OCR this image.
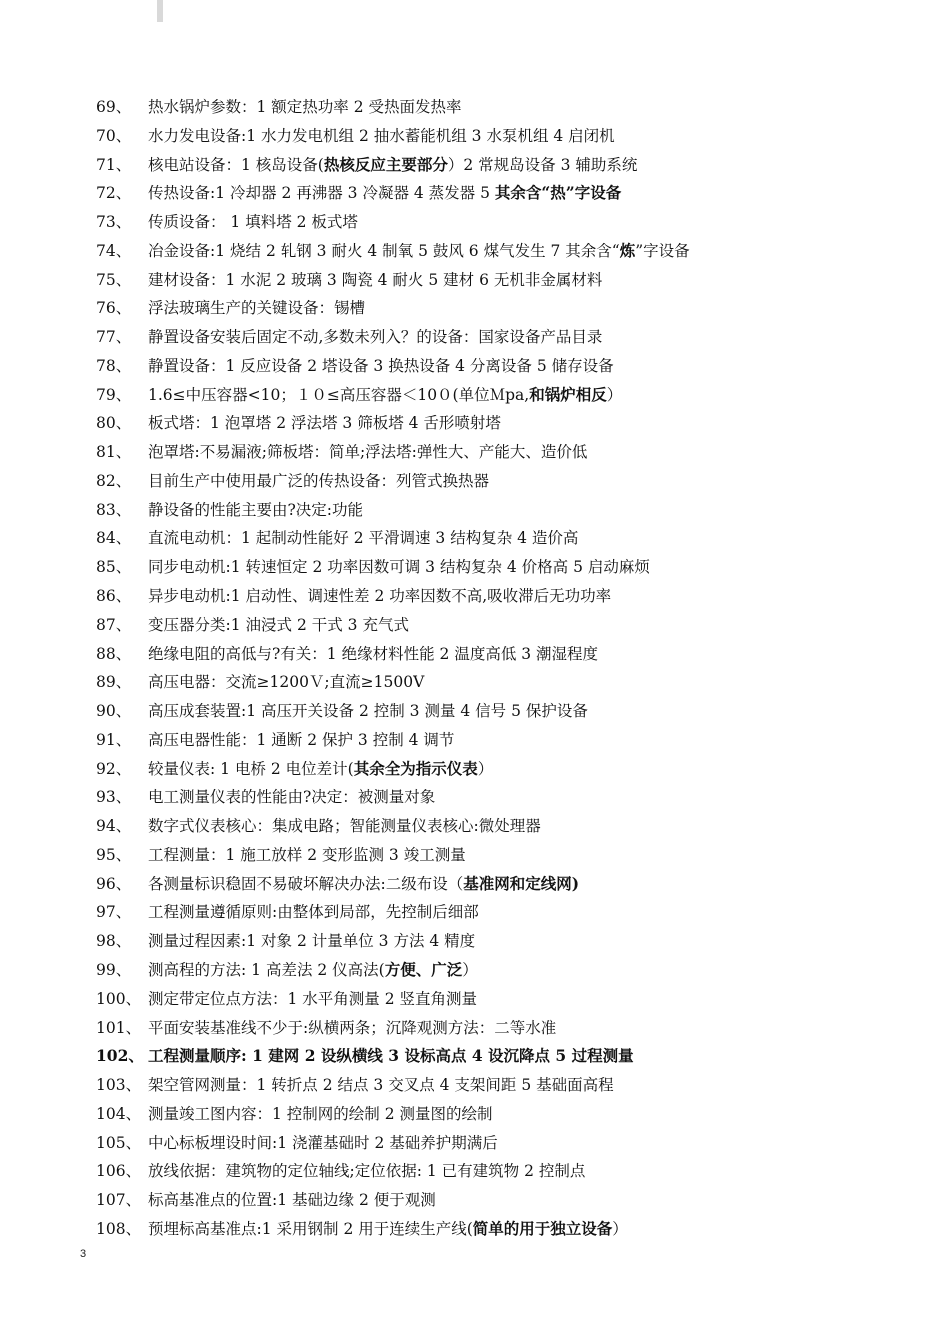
69、	热水锅炉参数：1 额定热功率 2 受热面发热率
70、	水力发电设备:1 水力发电机组 2 抽水蓄能机组 3 水泵机组 4 启闭机
71、	核电站设备：1 核岛设备(热核反应主要部分）2 常规岛设备 3 辅助系统
72、	传热设备:1 冷却器 2 再沸器 3 冷凝器 4 蒸发器 5 其余含“热”字设备
73、	传质设备： 1 填料塔 2 板式塔
74、	冶金设备:1 烧结 2 轧钢 3 耐火 4 制氧 5 鼓风 6 煤气发生 7 其余含“炼”字设备
75、	建材设备：1 水泥 2 玻璃 3 陶瓷 4 耐火 5 建材 6 无机非金属材料
76、	浮法玻璃生产的关键设备：锡槽
77、	静置设备安装后固定不动,多数未列入？的设备：国家设备产品目录
78、	静置设备：1 反应设备 2 塔设备 3 换热设备 4 分离设备 5 储存设备
79、	1.6≤中压容器<10；１０≤高压容器＜10０(单位Ｍpa,和锅炉相反）
80、	板式塔：1 泡罩塔 2 浮法塔 3 筛板塔 4 舌形喷射塔
81、	泡罩塔:不易漏液;筛板塔：简单;浮法塔:弹性大、产能大、造价低
82、	目前生产中使用最广泛的传热设备：列管式换热器
83、	静设备的性能主要由?决定:功能
84、	直流电动机：1 起制动性能好 2 平滑调速 3 结构复杂 4 造价高
85、	同步电动机:1 转速恒定 2 功率因数可调 3 结构复杂 4 价格高 5 启动麻烦
86、	异步电动机:1 启动性、调速性差 2 功率因数不高,吸收滞后无功功率
87、	变压器分类:1 油浸式 2 干式 3 充气式
88、	绝缘电阻的高低与?有关：1 绝缘材料性能 2 温度高低 3 潮湿程度
89、	高压电器：交流≥1200Ｖ;直流≥1500V
90、	高压成套装置:1 高压开关设备 2 控制 3 测量 4 信号 5 保护设备
91、	高压电器性能：1 通断 2 保护 3 控制 4 调节
92、	较量仪表: 1 电桥 2 电位差计(其余全为指示仪表）
93、	电工测量仪表的性能由?决定：被测量对象
94、	数字式仪表核心：集成电路；智能测量仪表核心:微处理器
95、	工程测量：1 施工放样 2 变形监测 3 竣工测量
96、	各测量标识稳固不易破坏解决办法:二级布设（基准网和定线网)
97、	工程测量遵循原则:由整体到局部，先控制后细部
98、	测量过程因素:1 对象 2 计量单位 3 方法 4 精度
99、	测高程的方法: 1 高差法 2 仪高法(方便、广泛）
100、 测定带定位点方法：1 水平角测量 2 竖直角测量
101、 平面安装基准线不少于:纵横两条；沉降观测方法：二等水准
102、 工程测量顺序: 1 建网 2 设纵横线 3 设标高点 4 设沉降点 5 过程测量
103、 架空管网测量：1 转折点 2 结点 3 交叉点 4 支架间距 5 基础面高程
104、 测量竣工图内容：1 控制网的绘制 2 测量图的绘制
105、 中心标板埋设时间:1 浇灌基础时 2 基础养护期满后
106、 放线依据：建筑物的定位轴线;定位依据: 1 已有建筑物 2 控制点
107、 标高基准点的位置:1 基础边缘 2 便于观测
108、 预埋标高基准点:1 采用钢制 2 用于连续生产线(简单的用于独立设备）
3
